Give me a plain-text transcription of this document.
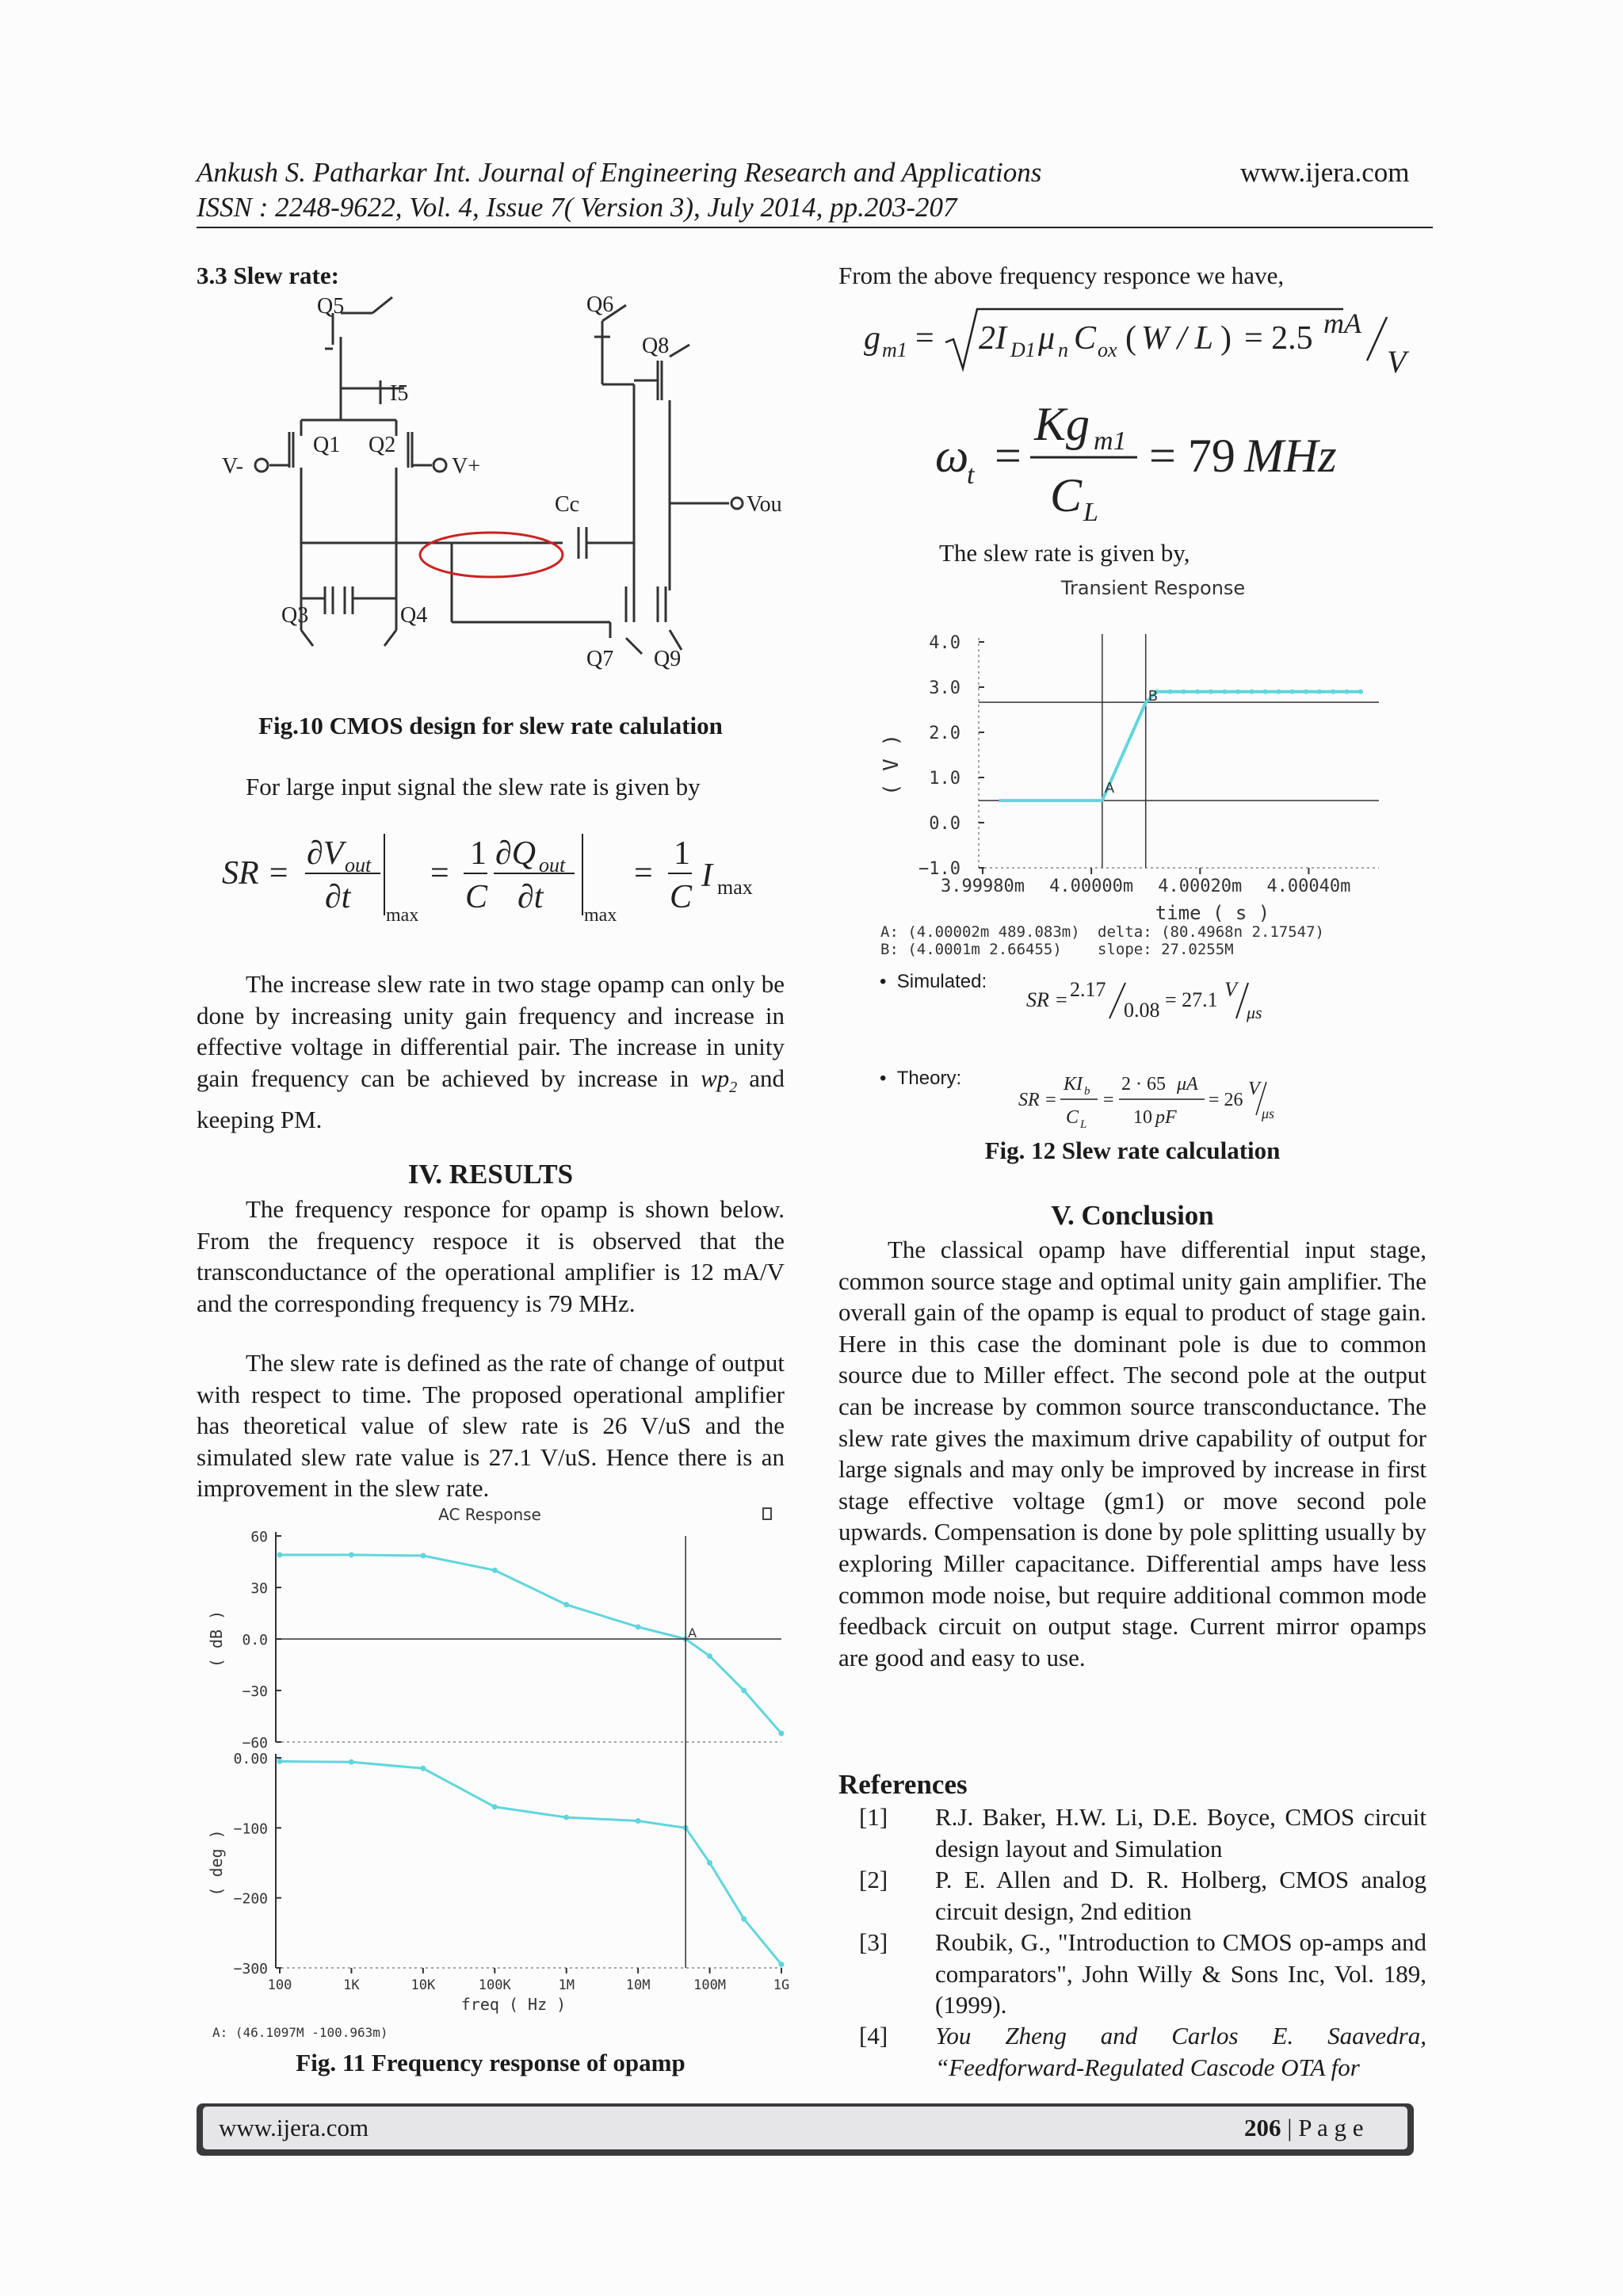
Ankush S. Patharkar Int. Journal of Engineering Research and Applications	www.ijera.com
ISSN : 2248-9622, Vol. 4, Issue 7( Version 3), July 2014, pp.203-207
3.3 Slew rate:
Q5	Q6
Q8
Q1 Q2
Q3	Q4
Q7 Q9
I5
V-	V+
Cc	Vou
Fig.10 CMOS design for slew rate calulation
For large input signal the slew rate is given by
SR =
∂V out
∂t max
=
1
C
∂Q out
∂t max
=
1
C
I max
The increase slew rate in two stage opamp can only be done by increasing unity gain frequency and increase in effective voltage in differential pair. The increase in unity gain frequency can be achieved by increase in $wp_2$ and keeping PM.
IV. RESULTS
The frequency responce for opamp is shown below. From the frequency respoce it is observed that the transconductance of the operational amplifier is 12 mA/V and the corresponding frequency is 79 MHz.
The slew rate is defined as the rate of change of output with respect to time. The proposed operational amplifier has theoretical value of slew rate is 26 V/uS and the simulated slew rate value is 27.1 V/uS. Hence there is an improvement in the slew rate.
AC Response
freq ( Hz )
A: (46.1097M -100.963m)
60
30
0.0
−30
−60
( dB )	A
0.00
−100
−200
−300
( deg )
100	1K	10K	100K	1M	10M	100M	1G
Fig. 11 Frequency response of opamp
From the above frequency responce we have,
g m1 = 2I D1 μ n C ox ( W / L ) = 2.5 mA
V
ω
t =
Kg m1
C L
= 79 MHz
The slew rate is given by,
Transient Response
( V )
time ( s )
A: (4.00002m 489.083m)
B: (4.0001m 2.66455)
delta: (80.4968n 2.17547)
slope: 27.0255M
4.0
3.0
2.0
1.0
0.0
−1.0
3.99980m 4.00000m 4.00020m 4.00040m
A
B
•  Simulated:
SR = 2.17
0.08 = 27.1 V
μs
•  Theory:
SR =
KI b
C L
=
2 · 65 μA
10 pF
= 26
V
μs
Fig. 12 Slew rate calculation
V. Conclusion
The classical opamp have differential input stage, common source stage and optimal unity gain amplifier. The overall gain of the opamp is equal to product of stage gain. Here in this case the dominant pole is due to common source due to Miller effect. The second pole at the output can be increase by common source transconductance. The slew rate gives the maximum drive capability of output for large signals and may only be improved by increase in first stage effective voltage (gm1) or move second pole upwards. Compensation is done by pole splitting usually by exploring Miller capacitance. Differential amps have less common mode noise, but require additional common mode feedback circuit on output stage. Current mirror opamps are good and easy to use.
References
[1] R.J. Baker, H.W. Li, D.E. Boyce, CMOS circuit design layout and Simulation
[2] P. E. Allen and D. R. Holberg, CMOS analog circuit design, 2nd edition
[3] Roubik, G., "Introduction to CMOS op-amps and comparators", John Willy & Sons Inc, Vol. 189, (1999).
[4] You Zheng and Carlos E. Saavedra, “Feedforward-Regulated Cascode OTA for
www.ijera.com	206 | P a g e
